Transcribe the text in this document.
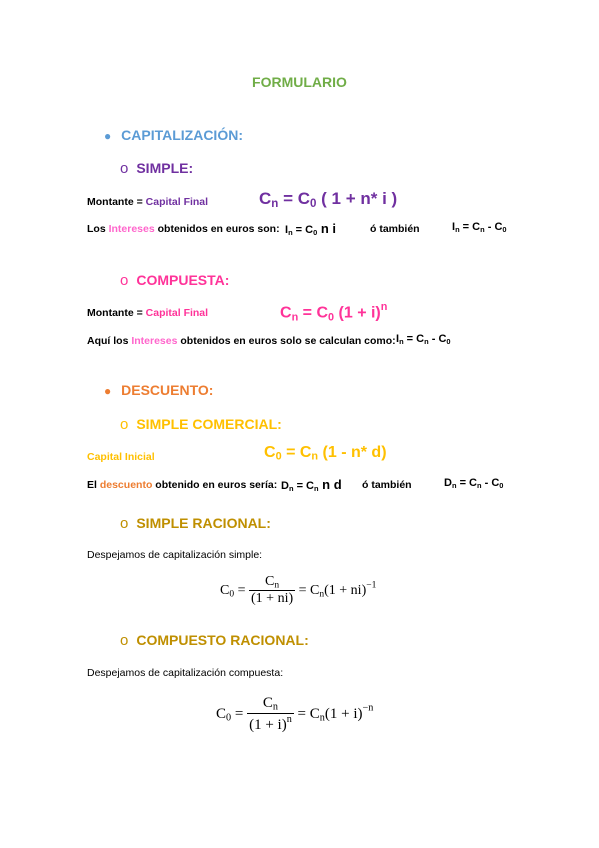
FORMULARIO
● CAPITALIZACIÓN:
o SIMPLE:
Montante = Capital Final	$C_n = C_0$ ( 1 + n* i )
Los Intereses obtenidos en euros son: $I_n = C_0$ n i	ó también	$I_n = C_n - C_0$
o COMPUESTA:
Montante = Capital Final	$C_n = C_0$ $(1 + i)^n$
Aquí los Intereses obtenidos en euros solo se calculan como: $I_n = C_n - C_0$
● DESCUENTO:
o SIMPLE COMERCIAL:
Capital Inicial	$C_0 = C_n$ (1 - n* d)
El descuento obtenido en euros sería: $D_n = C_n$ n d ó también	$D_n = C_n - C_0$
o SIMPLE RACIONAL:
Despejamos de capitalización simple:
$C_0 = \frac{C_n}{(1 + ni)} = C_n(1 + ni)^{-1}$
o COMPUESTO RACIONAL:
Despejamos de capitalización compuesta:
$C_0 = \frac{C_n}{(1 + i)^n} = C_n(1 + i)^{-n}$
